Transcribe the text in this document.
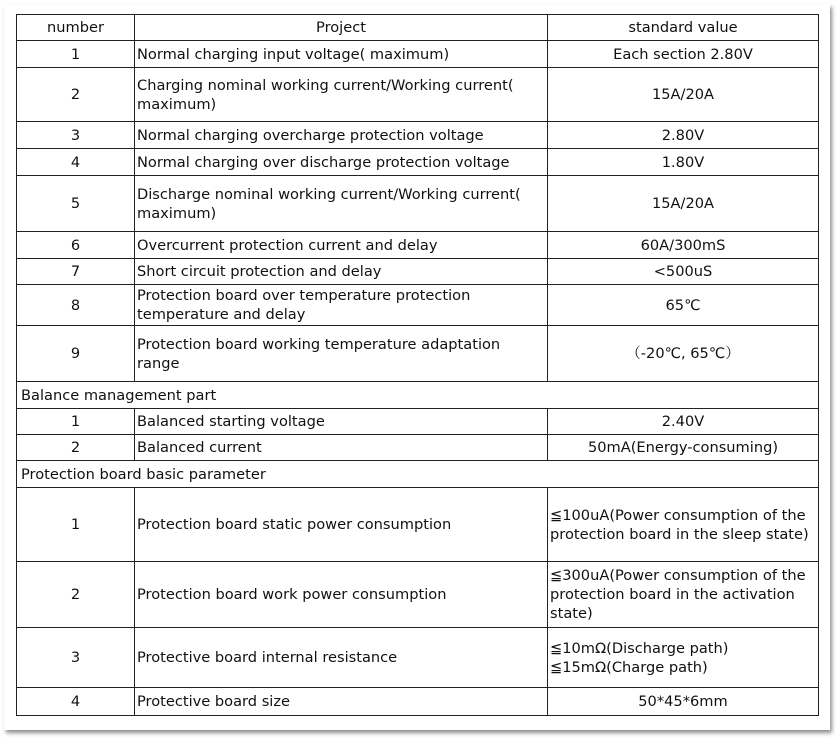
number	Project	standard value
1	Normal charging input voltage( maximum)	Each section 2.80V
2	Charging nominal working current/Working current( maximum)	15A/20A
3	Normal charging overcharge protection voltage	2.80V
4	Normal charging over discharge protection voltage	1.80V
5	Discharge nominal working current/Working current( maximum)	15A/20A
6	Overcurrent protection current and delay	60A/300mS
7	Short circuit protection and delay	<500uS
8	Protection board over temperature protection temperature and delay	65℃
9	Protection board working temperature adaptation range	（-20℃, 65℃）
Balance management part		
1	Balanced starting voltage	2.40V
2	Balanced current	50mA(Energy-consuming)
Protection board basic parameter		
1	Protection board static power consumption	≦100uA(Power consumption of the protection board in the sleep state)
2	Protection board work power consumption	≦300uA(Power consumption of the protection board in the activation state)
3	Protective board internal resistance	≦10mΩ(Discharge path)
≦15mΩ(Charge path)

4	Protective board size	50*45*6mm
